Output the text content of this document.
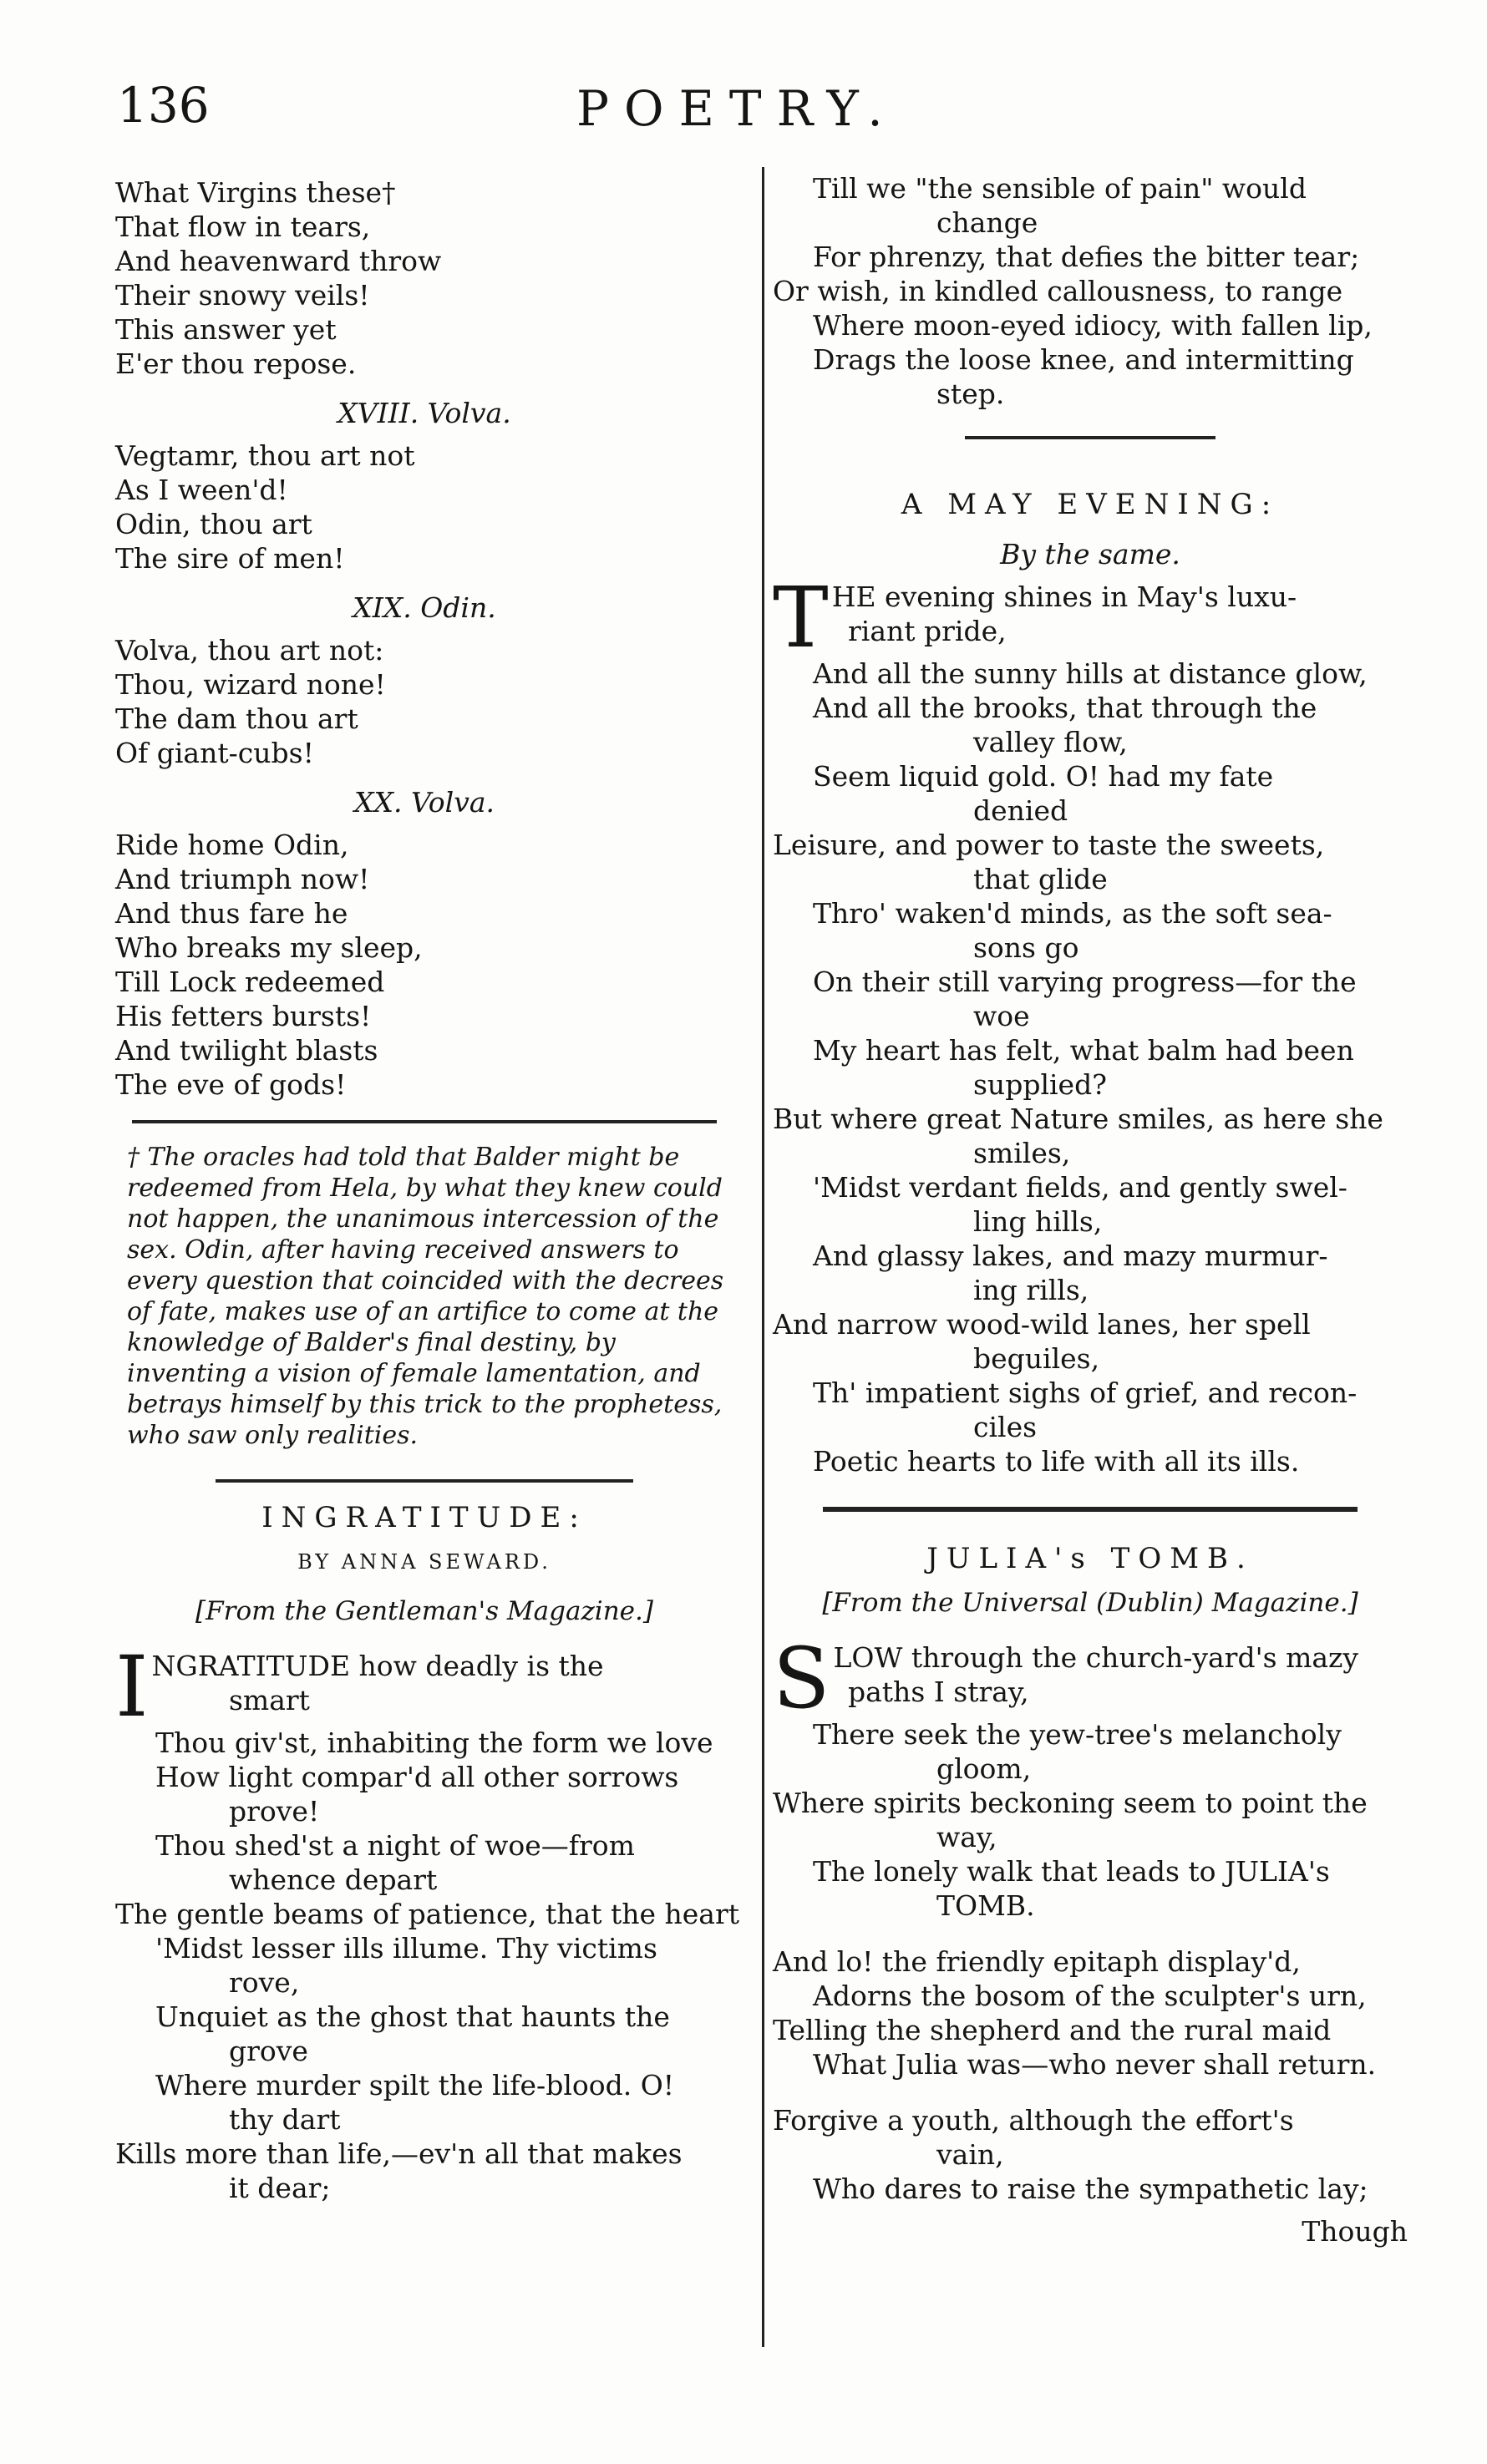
136	POETRY.
What Virgins these†
That flow in tears,
And heavenward throw
Their snowy veils!
This answer yet
E'er thou repose.
XVIII. Volva.
Vegtamr, thou art not
As I ween'd!
Odin, thou art
The sire of men!
XIX. Odin.
Volva, thou art not:
Thou, wizard none!
The dam thou art
Of giant-cubs!
XX. Volva.
Ride home Odin,
And triumph now!
And thus fare he
Who breaks my sleep,
Till Lock redeemed
His fetters bursts!
And twilight blasts
The eve of gods!
† The oracles had told that Balder might be redeemed from Hela, by what they knew could not happen, the unanimous intercession of the sex. Odin, after having received answers to every question that coincided with the decrees of fate, makes use of an artifice to come at the knowledge of Balder's final destiny, by inventing a vision of female lamentation, and betrays himself by this trick to the prophetess, who saw only realities.
INGRATITUDE:
BY ANNA SEWARD.
[From the Gentleman's Magazine.]
I NGRATITUDE how deadly is the
smart
Thou giv'st, inhabiting the form we love
How light compar'd all other sorrows
prove!
Thou shed'st a night of woe—from
whence depart
The gentle beams of patience, that the heart
'Midst lesser ills illume. Thy victims
rove,
Unquiet as the ghost that haunts the
grove
Where murder spilt the life-blood. O!
thy dart
Kills more than life,—ev'n all that makes
it dear;
Till we "the sensible of pain" would
change
For phrenzy, that defies the bitter tear;
Or wish, in kindled callousness, to range
Where moon-eyed idiocy, with fallen lip,
Drags the loose knee, and intermitting
step.
A MAY EVENING:
By the same.
T HE evening shines in May's luxu-
riant pride,
And all the sunny hills at distance glow,
And all the brooks, that through the
valley flow,
Seem liquid gold. O! had my fate
denied
Leisure, and power to taste the sweets,
that glide
Thro' waken'd minds, as the soft sea-
sons go
On their still varying progress—for the
woe
My heart has felt, what balm had been
supplied?
But where great Nature smiles, as here she
smiles,
'Midst verdant fields, and gently swel-
ling hills,
And glassy lakes, and mazy murmur-
ing rills,
And narrow wood-wild lanes, her spell
beguiles,
Th' impatient sighs of grief, and recon-
ciles
Poetic hearts to life with all its ills.
JULIA's TOMB.
[From the Universal (Dublin) Magazine.]
S LOW through the church-yard's mazy
paths I stray,
There seek the yew-tree's melancholy
gloom,
Where spirits beckoning seem to point the
way,
The lonely walk that leads to JULIA's
TOMB.
And lo! the friendly epitaph display'd,
Adorns the bosom of the sculpter's urn,
Telling the shepherd and the rural maid
What Julia was—who never shall return.
Forgive a youth, although the effort's
vain,
Who dares to raise the sympathetic lay;
Though
